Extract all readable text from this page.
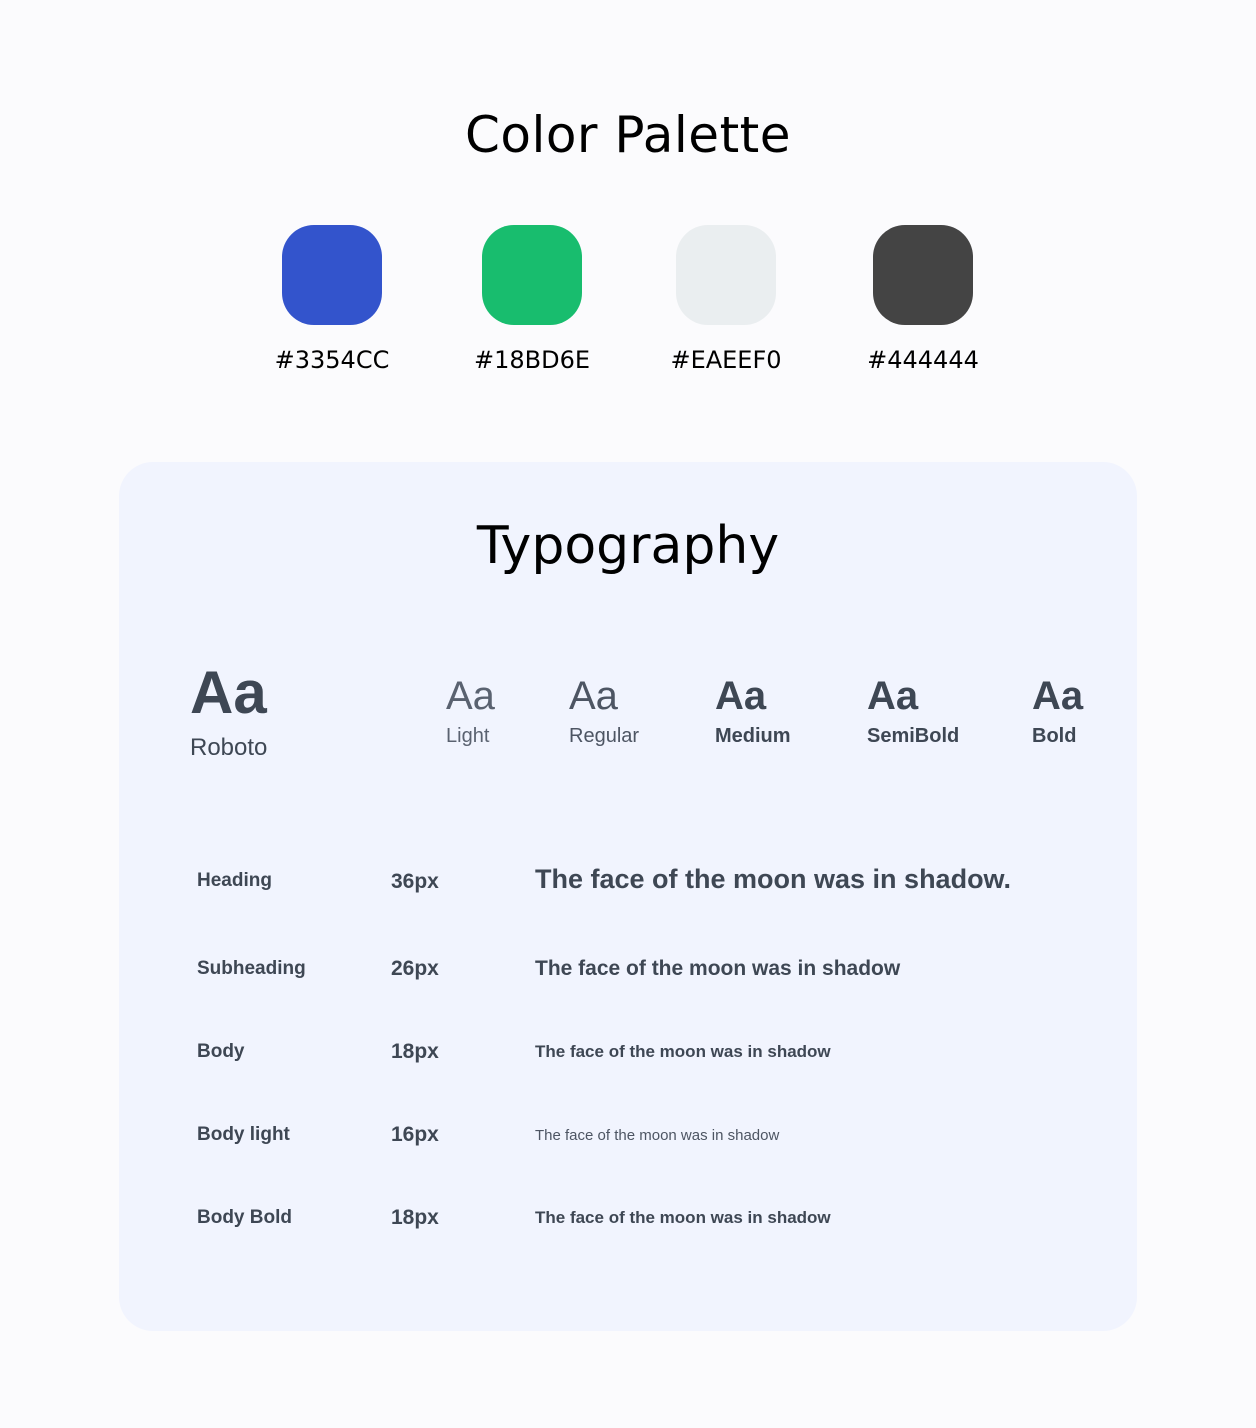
Color Palette
#3354CC	#18BD6E	#EAEEF0	#444444
Typography
Aa
Roboto
Aa
Light
Aa
Regular
Aa
Medium
Aa
SemiBold
Aa
Bold
Heading	36px	The face of the moon was in shadow.
Subheading	26px	The face of the moon was in shadow
Body	18px	The face of the moon was in shadow
Body light	16px	The face of the moon was in shadow
Body Bold	18px	The face of the moon was in shadow
